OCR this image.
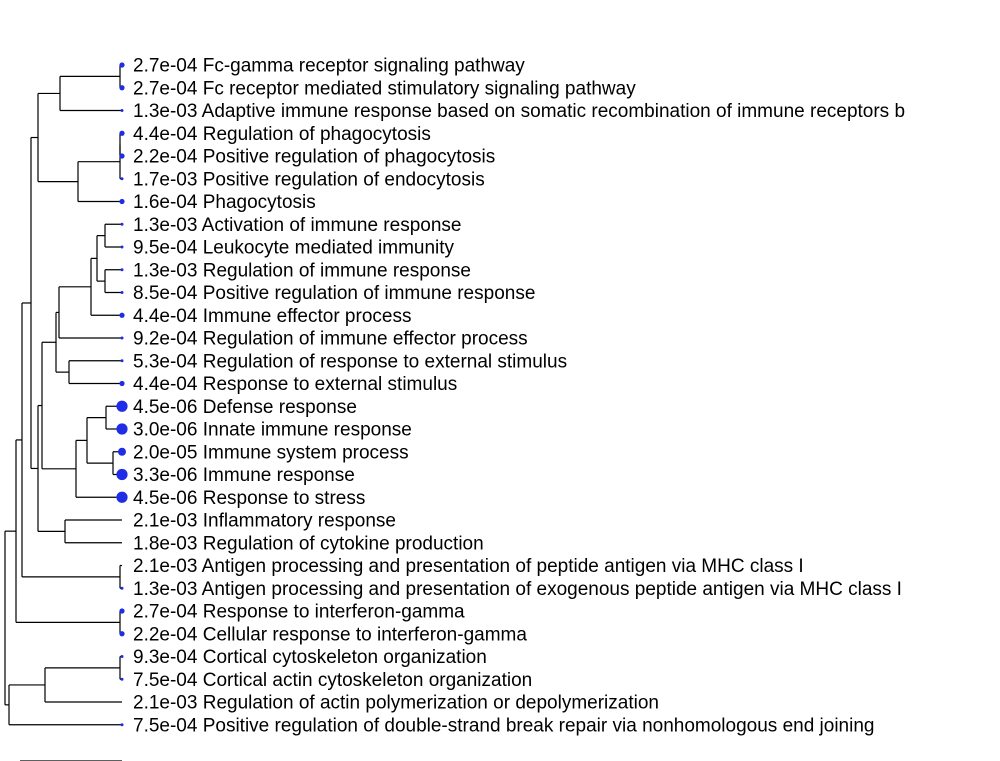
2.7e-04 Fc-gamma receptor signaling pathway
2.7e-04 Fc receptor mediated stimulatory signaling pathway
1.3e-03 Adaptive immune response based on somatic recombination of immune receptors b
4.4e-04 Regulation of phagocytosis
2.2e-04 Positive regulation of phagocytosis
1.7e-03 Positive regulation of endocytosis
1.6e-04 Phagocytosis
1.3e-03 Activation of immune response
9.5e-04 Leukocyte mediated immunity
1.3e-03 Regulation of immune response
8.5e-04 Positive regulation of immune response
4.4e-04 Immune effector process
9.2e-04 Regulation of immune effector process
5.3e-04 Regulation of response to external stimulus
4.4e-04 Response to external stimulus
4.5e-06 Defense response
3.0e-06 Innate immune response
2.0e-05 Immune system process
3.3e-06 Immune response
4.5e-06 Response to stress
2.1e-03 Inflammatory response
1.8e-03 Regulation of cytokine production
2.1e-03 Antigen processing and presentation of peptide antigen via MHC class I
1.3e-03 Antigen processing and presentation of exogenous peptide antigen via MHC class I
2.7e-04 Response to interferon-gamma
2.2e-04 Cellular response to interferon-gamma
9.3e-04 Cortical cytoskeleton organization
7.5e-04 Cortical actin cytoskeleton organization
2.1e-03 Regulation of actin polymerization or depolymerization
7.5e-04 Positive regulation of double-strand break repair via nonhomologous end joining
